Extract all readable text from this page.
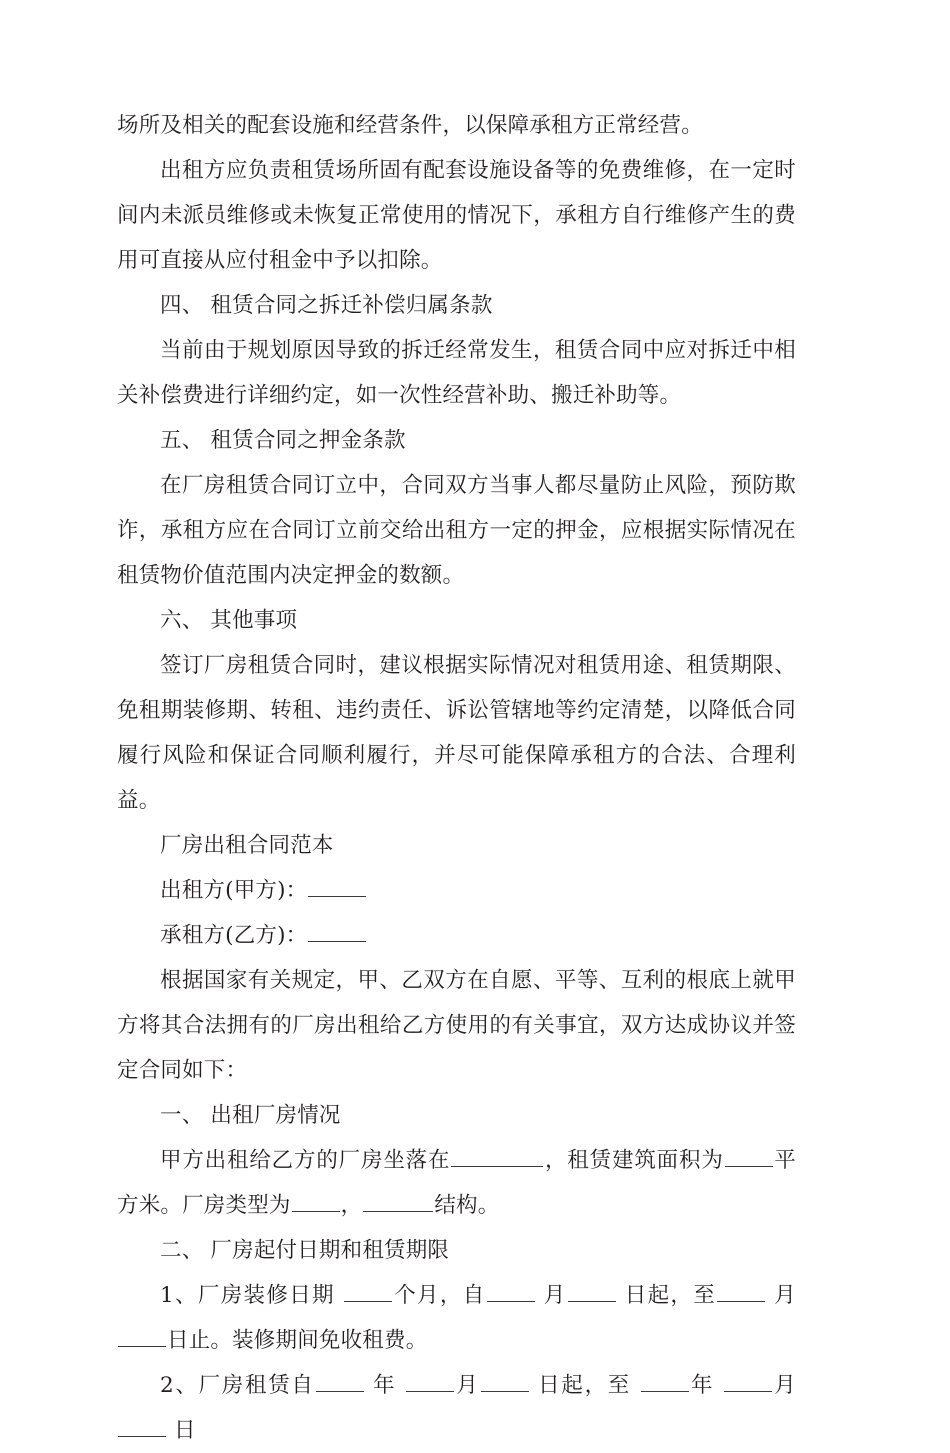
场所及相关的配套设施和经营条件，以保障承租方正常经营。

出租方应负责租赁场所固有配套设施设备等的免费维修，在一定时间内未派员维修或未恢复正常使用的情况下，承租方自行维修产生的费用可直接从应付租金中予以扣除。

四、 租赁合同之拆迁补偿归属条款

当前由于规划原因导致的拆迁经常发生，租赁合同中应对拆迁中相关补偿费进行详细约定，如一次性经营补助、搬迁补助等。

五、 租赁合同之押金条款

在厂房租赁合同订立中，合同双方当事人都尽量防止风险，预防欺诈，承租方应在合同订立前交给出租方一定的押金，应根据实际情况在租赁物价值范围内决定押金的数额。

六、 其他事项

签订厂房租赁合同时，建议根据实际情况对租赁用途、租赁期限、免租期装修期、转租、违约责任、诉讼管辖地等约定清楚，以降低合同履行风险和保证合同顺利履行，并尽可能保障承租方的合法、合理利益。

厂房出租合同范本

出租方(甲方)：

承租方(乙方)：

根据国家有关规定，甲、乙双方在自愿、平等、互利的根底上就甲方将其合法拥有的厂房出租给乙方使用的有关事宜，双方达成协议并签定合同如下：

一、 出租厂房情况

甲方出租给乙方的厂房坐落在	，租赁建筑面积为 平方米。厂房类型为 ，	结构。

二、 厂房起付日期和租赁期限

1、厂房装修日期 个月，自 月 日起，至 月 日止。装修期间免收租费。

2、厂房租赁自 年 月 日起，至 年 月 日
